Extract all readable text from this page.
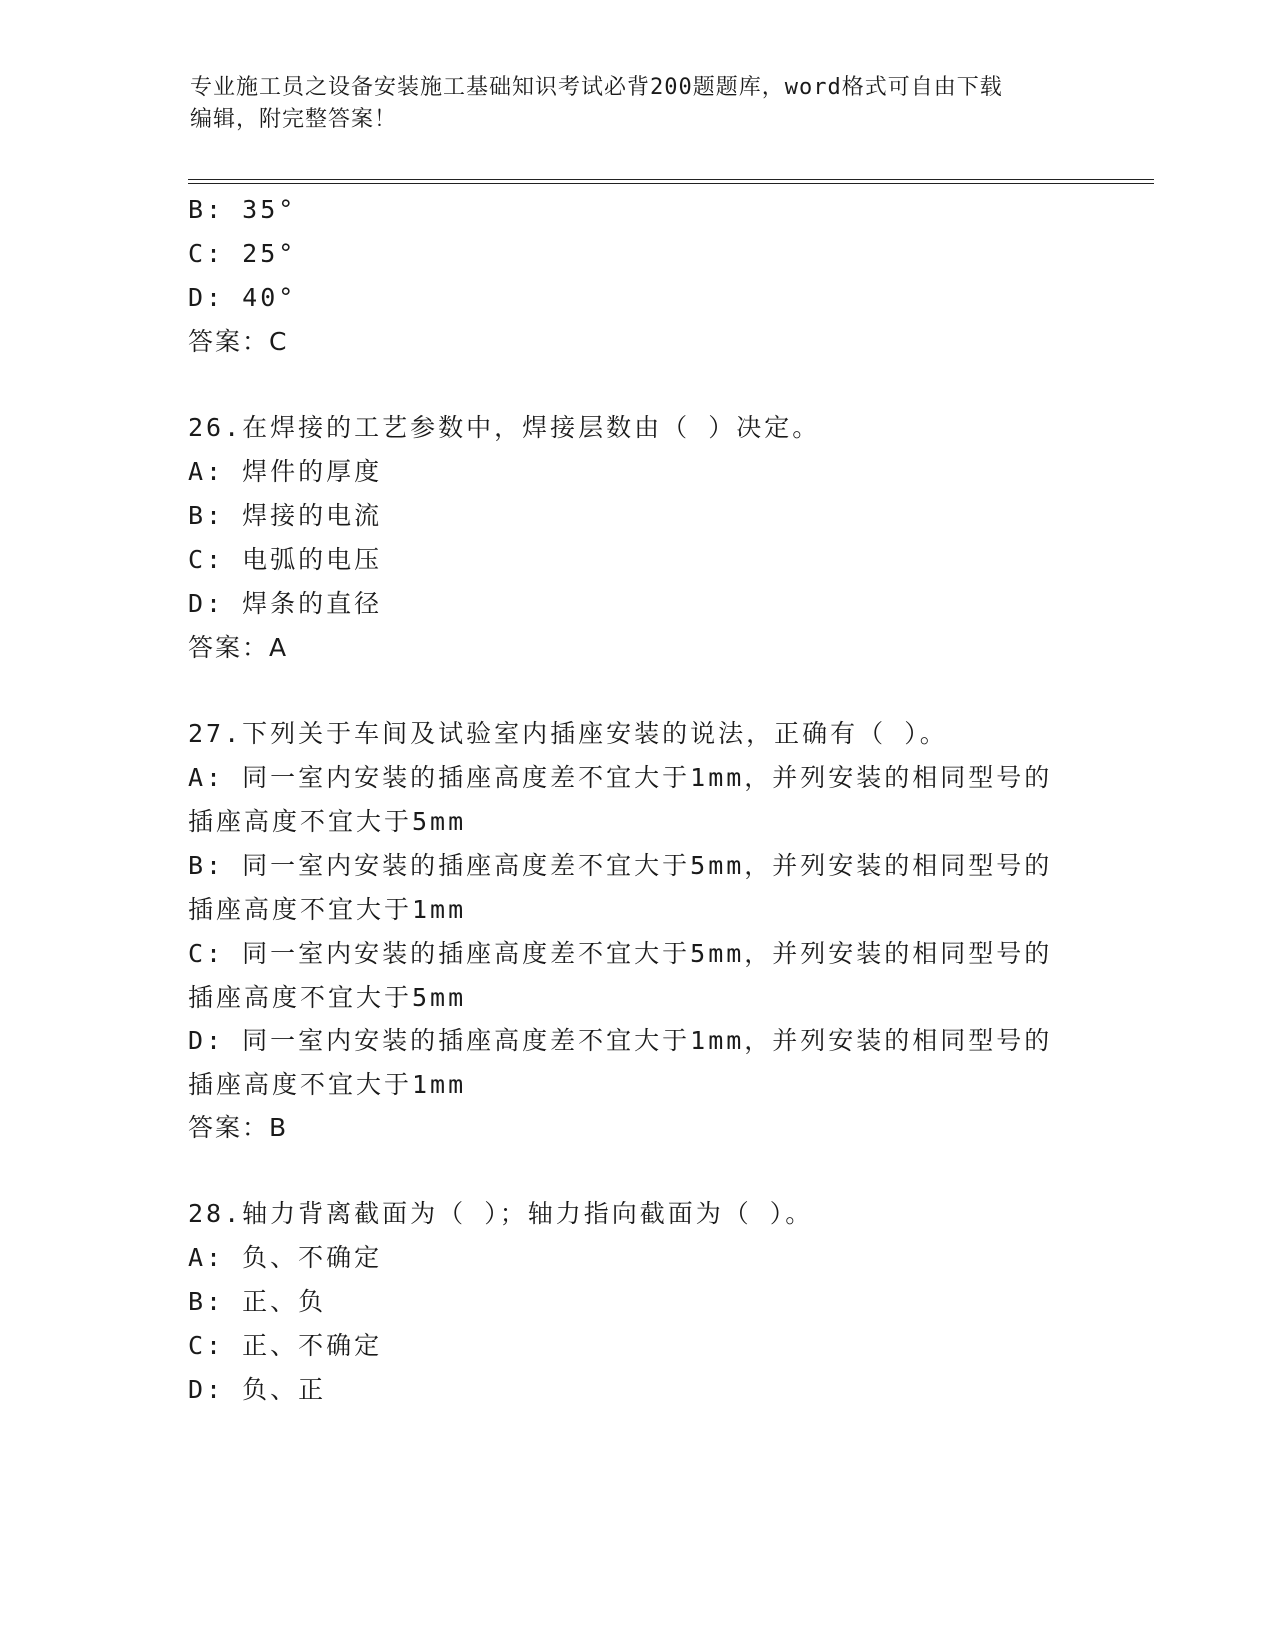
专业施工员之设备安装施工基础知识考试必背200题题库，word格式可自由下载
编辑，附完整答案！
B: 35°
C: 25°
D: 40°
答案：C
26.在焊接的工艺参数中，焊接层数由（ ）决定。
A: 焊件的厚度
B: 焊接的电流
C: 电弧的电压
D: 焊条的直径
答案：A
27.下列关于车间及试验室内插座安装的说法，正确有（ ）。
A: 同一室内安装的插座高度差不宜大于1mm，并列安装的相同型号的
插座高度不宜大于5mm
B: 同一室内安装的插座高度差不宜大于5mm，并列安装的相同型号的
插座高度不宜大于1mm
C: 同一室内安装的插座高度差不宜大于5mm，并列安装的相同型号的
插座高度不宜大于5mm
D: 同一室内安装的插座高度差不宜大于1mm，并列安装的相同型号的
插座高度不宜大于1mm
答案：B
28.轴力背离截面为（ ）；轴力指向截面为（ ）。
A: 负、不确定
B: 正、负
C: 正、不确定
D: 负、正
